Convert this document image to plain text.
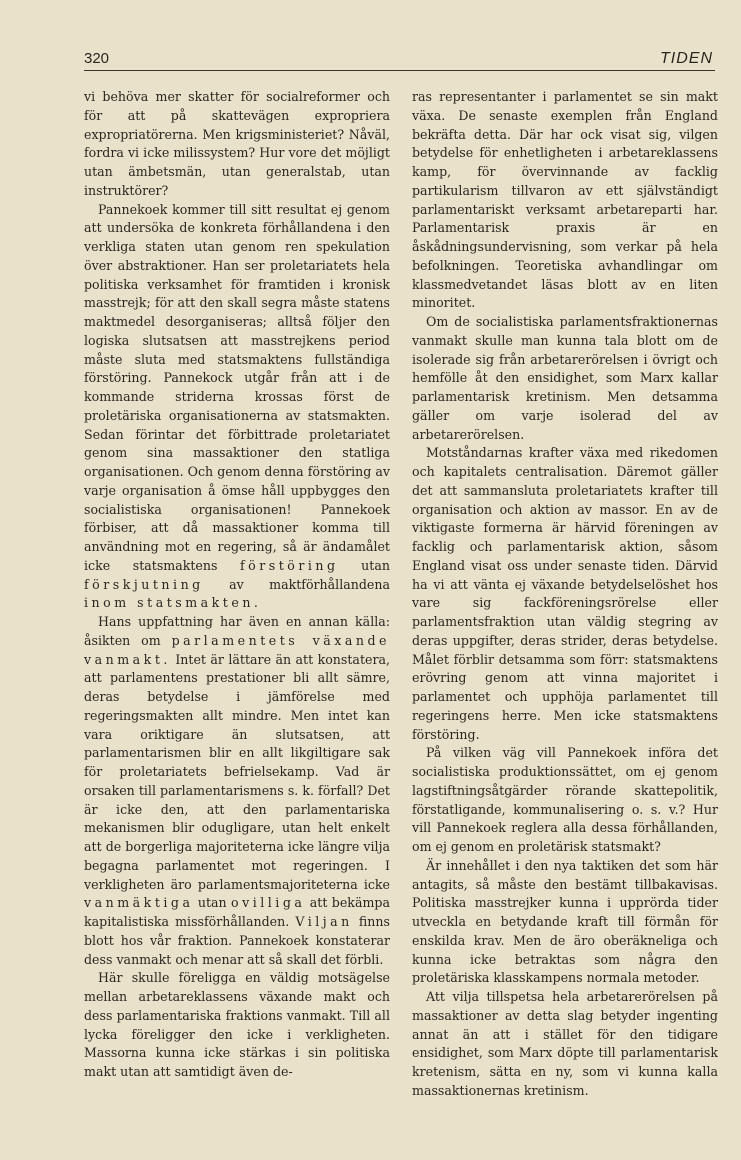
320	TIDEN

vi behöva mer skatter för socialreformer och för att på skattevägen expropriera expropriatörerna. Men krigsministeriet? Nåväl, fordra vi icke milissystem? Hur vore det möjligt utan ämbetsmän, utan generalstab, utan instruktörer?

Pannekoek kommer till sitt resultat ej genom att undersöka de konkreta förhållandena i den verkliga staten utan genom ren spekulation över abstraktioner. Han ser proletariatets hela politiska verksamhet för framtiden i kronisk masstrejk; för att den skall segra måste statens maktmedel desorganiseras; alltså följer den logiska slutsatsen att masstrejkens period måste sluta med statsmaktens fullständiga förstöring. Pannekock utgår från att i de kommande striderna krossas först de proletäriska organisationerna av statsmakten. Sedan förintar det förbittrade proletariatet genom sina massaktioner den statliga organisationen. Och genom denna förstöring av varje organisation å ömse håll uppbygges den socialistiska organisationen! Pannekoek förbiser, att då massaktioner komma till användning mot en regering, så är ändamålet icke statsmaktens förstöring utan förskjutning av maktförhållandena inom statsmakten.

Hans uppfattning har även en annan källa: åsikten om parlamentets växande vanmakt. Intet är lättare än att konstatera, att parlamentens prestationer bli allt sämre, deras betydelse i jämförelse med regeringsmakten allt mindre. Men intet kan vara oriktigare än slutsatsen, att parlamentarismen blir en allt likgiltigare sak för proletariatets befrielsekamp. Vad är orsaken till parlamentarismens s. k. förfall? Det är icke den, att den parlamentariska mekanismen blir odugligare, utan helt enkelt att de borgerliga majoriteterna icke längre vilja begagna parlamentet mot regeringen. I verkligheten äro parlamentsmajoriteterna icke vanmäktiga utan ovilliga att bekämpa kapitalistiska missförhållanden. Viljan finns blott hos vår fraktion. Pannekoek konstaterar dess vanmakt och menar att så skall det förbli.

Här skulle föreligga en väldig motsägelse mellan arbetareklassens växande makt och dess parlamentariska fraktions vanmakt. Till all lycka föreligger den icke i verkligheten. Massorna kunna icke stärkas i sin politiska makt utan att samtidigt även de-

ras representanter i parlamentet se sin makt växa. De senaste exemplen från England bekräfta detta. Där har ock visat sig, vilgen betydelse för enhetligheten i arbetareklassens kamp, för övervinnande av facklig partikularism tillvaron av ett självständigt parlamentariskt verksamt arbetareparti har. Parlamentarisk praxis är en åskådningsundervisning, som verkar på hela befolkningen. Teoretiska avhandlingar om klassmedvetandet läsas blott av en liten minoritet.

Om de socialistiska parlamentsfraktionernas vanmakt skulle man kunna tala blott om de isolerade sig från arbetarerörelsen i övrigt och hemfölle åt den ensidighet, som Marx kallar parlamentarisk kretinism. Men detsamma gäller om varje isolerad del av arbetarerörelsen.

Motståndarnas krafter växa med rikedomen och kapitalets centralisation. Däremot gäller det att sammansluta proletariatets krafter till organisation och aktion av massor. En av de viktigaste formerna är härvid föreningen av facklig och parlamentarisk aktion, såsom England visat oss under senaste tiden. Därvid ha vi att vänta ej växande betydelselöshet hos vare sig fackföreningsrörelse eller parlamentsfraktion utan väldig stegring av deras uppgifter, deras strider, deras betydelse. Målet förblir detsamma som förr: statsmaktens erövring genom att vinna majoritet i parlamentet och upphöja parlamentet till regeringens herre. Men icke statsmaktens förstöring.

På vilken väg vill Pannekoek införa det socialistiska produktionssättet, om ej genom lagstiftningsåtgärder rörande skattepolitik, förstatligande, kommunalisering o. s. v.? Hur vill Pannekoek reglera alla dessa förhållanden, om ej genom en proletärisk statsmakt?

Är innehållet i den nya taktiken det som här antagits, så måste den bestämt tillbakavisas. Politiska masstrejker kunna i upprörda tider utveckla en betydande kraft till förmån för enskilda krav. Men de äro oberäkneliga och kunna icke betraktas som några den proletäriska klasskampens normala metoder.

Att vilja tillspetsa hela arbetarerörelsen på massaktioner av detta slag betyder ingenting annat än att i stället för den tidigare ensidighet, som Marx döpte till parlamentarisk kretenism, sätta en ny, som vi kunna kalla massaktionernas kretinism.
